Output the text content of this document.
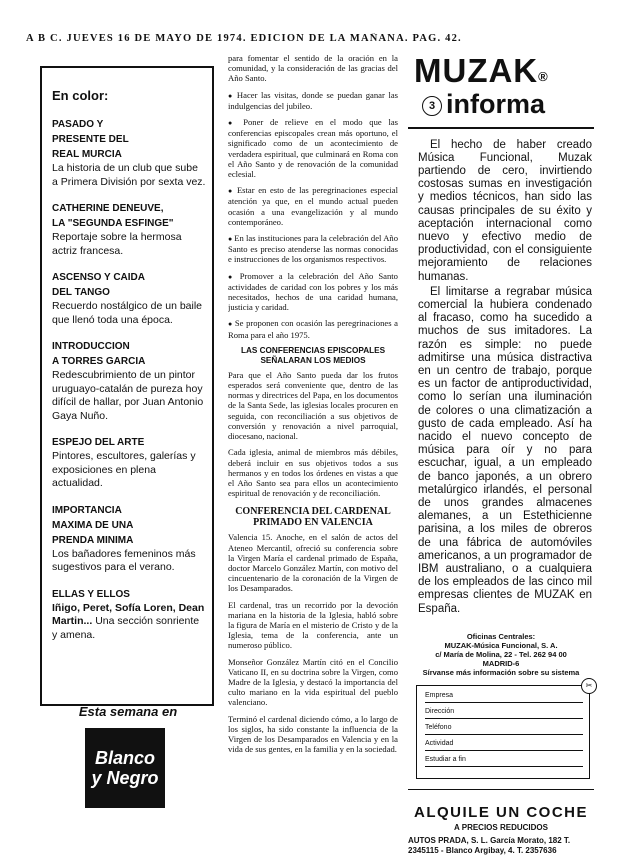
A B C. JUEVES 16 DE MAYO DE 1974. EDICION DE LA MAÑANA. PAG. 42.
En color:
PASADO Y
PRESENTE DEL
REAL MURCIA
La historia de un club que sube a Primera División por sexta vez.
CATHERINE DENEUVE,
LA "SEGUNDA ESFINGE"
Reportaje sobre la hermosa actriz francesa.
ASCENSO Y CAIDA
DEL TANGO
Recuerdo nostálgico de un baile que llenó toda una época.
INTRODUCCION
A TORRES GARCIA
Redescubrimiento de un pintor uruguayo-catalán de pureza hoy difícil de hallar, por Juan Antonio Gaya Nuño.
ESPEJO DEL ARTE
Pintores, escultores, galerías y exposiciones en plena actualidad.
IMPORTANCIA
MAXIMA DE UNA
PRENDA MINIMA
Los bañadores femeninos más sugestivos para el verano.
ELLAS Y ELLOS
Iñigo, Peret, Sofía Loren, Dean Martin... Una sección sonriente y amena.
Esta semana en
Blanco
y Negro

para fomentar el sentido de la oración en la comunidad, y la consideración de las gracias del Año Santo.

● Hacer las visitas, donde se puedan ganar las indulgencias del jubileo.

● Poner de relieve en el modo que las conferencias episcopales crean más oportuno, el significado como de un acontecimiento de verdadera espiritual, que culminará en Roma con el Año Santo y de renovación de la comunidad eclesial.

● Estar en esto de las peregrinaciones especial atención ya que, en el mundo actual pueden ocasión a una evangelización y al mundo contemporáneo.

● En las instituciones para la celebración del Año Santo es preciso atenderse las normas conocidas e instrucciones de los organismos respectivos.

● Promover a la celebración del Año Santo actividades de caridad con los pobres y los más necesitados, hechos de una caridad humana, justicia y caridad.

● Se proponen con ocasión las peregrinaciones a Roma para el año 1975.

LAS CONFERENCIAS EPISCOPALES SEÑALARAN LOS MEDIOS

Para que el Año Santo pueda dar los frutos esperados será conveniente que, dentro de las normas y directrices del Papa, en los documentos de la Santa Sede, las iglesias locales procuren en seguida, con reconciliación a sus objetivos de conversión y renovación a nivel parroquial, diocesano, nacional.

Cada iglesia, animal de miembros más débiles, deberá incluir en sus objetivos todos a sus hermanos y en todos los órdenes en vistas a que el Año Santo sea para ellos un acontecimiento espiritual de renovación y de reconciliación.

CONFERENCIA DEL CARDENAL PRIMADO EN VALENCIA

Valencia 15. Anoche, en el salón de actos del Ateneo Mercantil, ofreció su conferencia sobre la Virgen María el cardenal primado de España, doctor Marcelo González Martín, con motivo del cincuentenario de la coronación de la Virgen de los Desamparados.

El cardenal, tras un recorrido por la devoción mariana en la historia de la Iglesia, habló sobre la figura de María en el misterio de Cristo y de la Iglesia, tema de la conferencia, ante un numeroso público.

Monseñor González Martín citó en el Concilio Vaticano II, en su doctrina sobre la Virgen, como Madre de la Iglesia, y destacó la importancia del culto mariano en la vida espiritual del pueblo valenciano.

Terminó el cardenal diciendo cómo, a lo largo de los siglos, ha sido constante la influencia de la Virgen de los Desamparados en Valencia y en la vida de sus gentes, en la familia y en la sociedad.

MUZAK®
3 informa

El hecho de haber creado Música Funcional, Muzak partiendo de cero, invirtiendo costosas sumas en investigación y medios técnicos, han sido las causas principales de su éxito y aceptación internacional como nuevo y efectivo medio de productividad, con el consiguiente mejoramiento de relaciones humanas.

El limitarse a regrabar música comercial la hubiera condenado al fracaso, como ha sucedido a muchos de sus imitadores. La razón es simple: no puede admitirse una música distractiva en un centro de trabajo, porque es un factor de antiproductividad, como lo serían una iluminación de colores o una climatización a gusto de cada empleado. Así ha nacido el nuevo concepto de música para oír y no para escuchar, igual, a un empleado de banco japonés, a un obrero metalúrgico irlandés, el personal de unos grandes almacenes alemanes, a un Estethicienne parisina, a los miles de obreros de una fábrica de automóviles americanos, a un programador de IBM australiano, o a cualquiera de los empleados de las cinco mil empresas clientes de MUZAK en España.

Oficinas Centrales:
MUZAK-Música Funcional, S. A.
c/ María de Molina, 22 - Tel. 262 94 00
MADRID-6
Sírvanse más información sobre su sistema
✂
Empresa
Dirección
Teléfono
Actividad
Estudiar a fin
ALQUILE UN COCHE
A PRECIOS REDUCIDOS
AUTOS PRADA, S. L. García Morato, 182 T. 2345115 - Blanco Argibay, 4. T. 2357636
